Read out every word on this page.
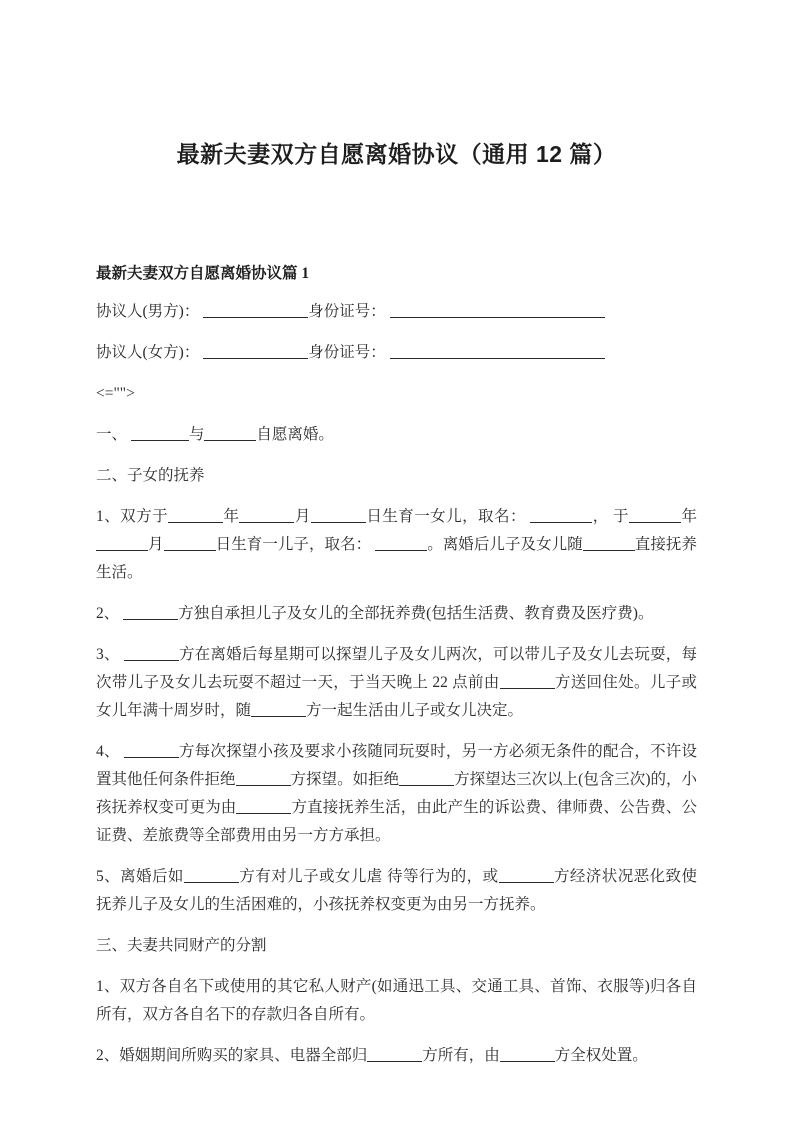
最新夫妻双方自愿离婚协议（通用 12 篇）
最新夫妻双方自愿离婚协议篇 1

协议人(男方)：	身份证号：

协议人(女方)：	身份证号：

<="">

一、	与	自愿离婚。

二、子女的抚养

1、双方于	年	月	日生育一女儿，取名：	， 于	年月	日生育一儿子，取名：	。离婚后儿子及女儿随	直接抚养生活。

2、	方独自承担儿子及女儿的全部抚养费(包括生活费、教育费及医疗费)。

3、	方在离婚后每星期可以探望儿子及女儿两次，可以带儿子及女儿去玩耍，每次带儿子及女儿去玩耍不超过一天，于当天晚上 22 点前由	方送回住处。儿子或女儿年满十周岁时，随	方一起生活由儿子或女儿决定。

4、	方每次探望小孩及要求小孩随同玩耍时，另一方必须无条件的配合，不许设置其他任何条件拒绝	方探望。如拒绝	方探望达三次以上(包含三次)的，小孩抚养权变可更为由	方直接抚养生活，由此产生的诉讼费、律师费、公告费、公证费、差旅费等全部费用由另一方方承担。

5、离婚后如	方有对儿子或女儿虐 待等行为的，或	方经济状况恶化致使抚养儿子及女儿的生活困难的，小孩抚养权变更为由另一方抚养。

三、夫妻共同财产的分割

1、双方各自名下或使用的其它私人财产(如通迅工具、交通工具、首饰、衣服等)归各自所有，双方各自名下的存款归各自所有。

2、婚姻期间所购买的家具、电器全部归	方所有，由	方全权处置。
